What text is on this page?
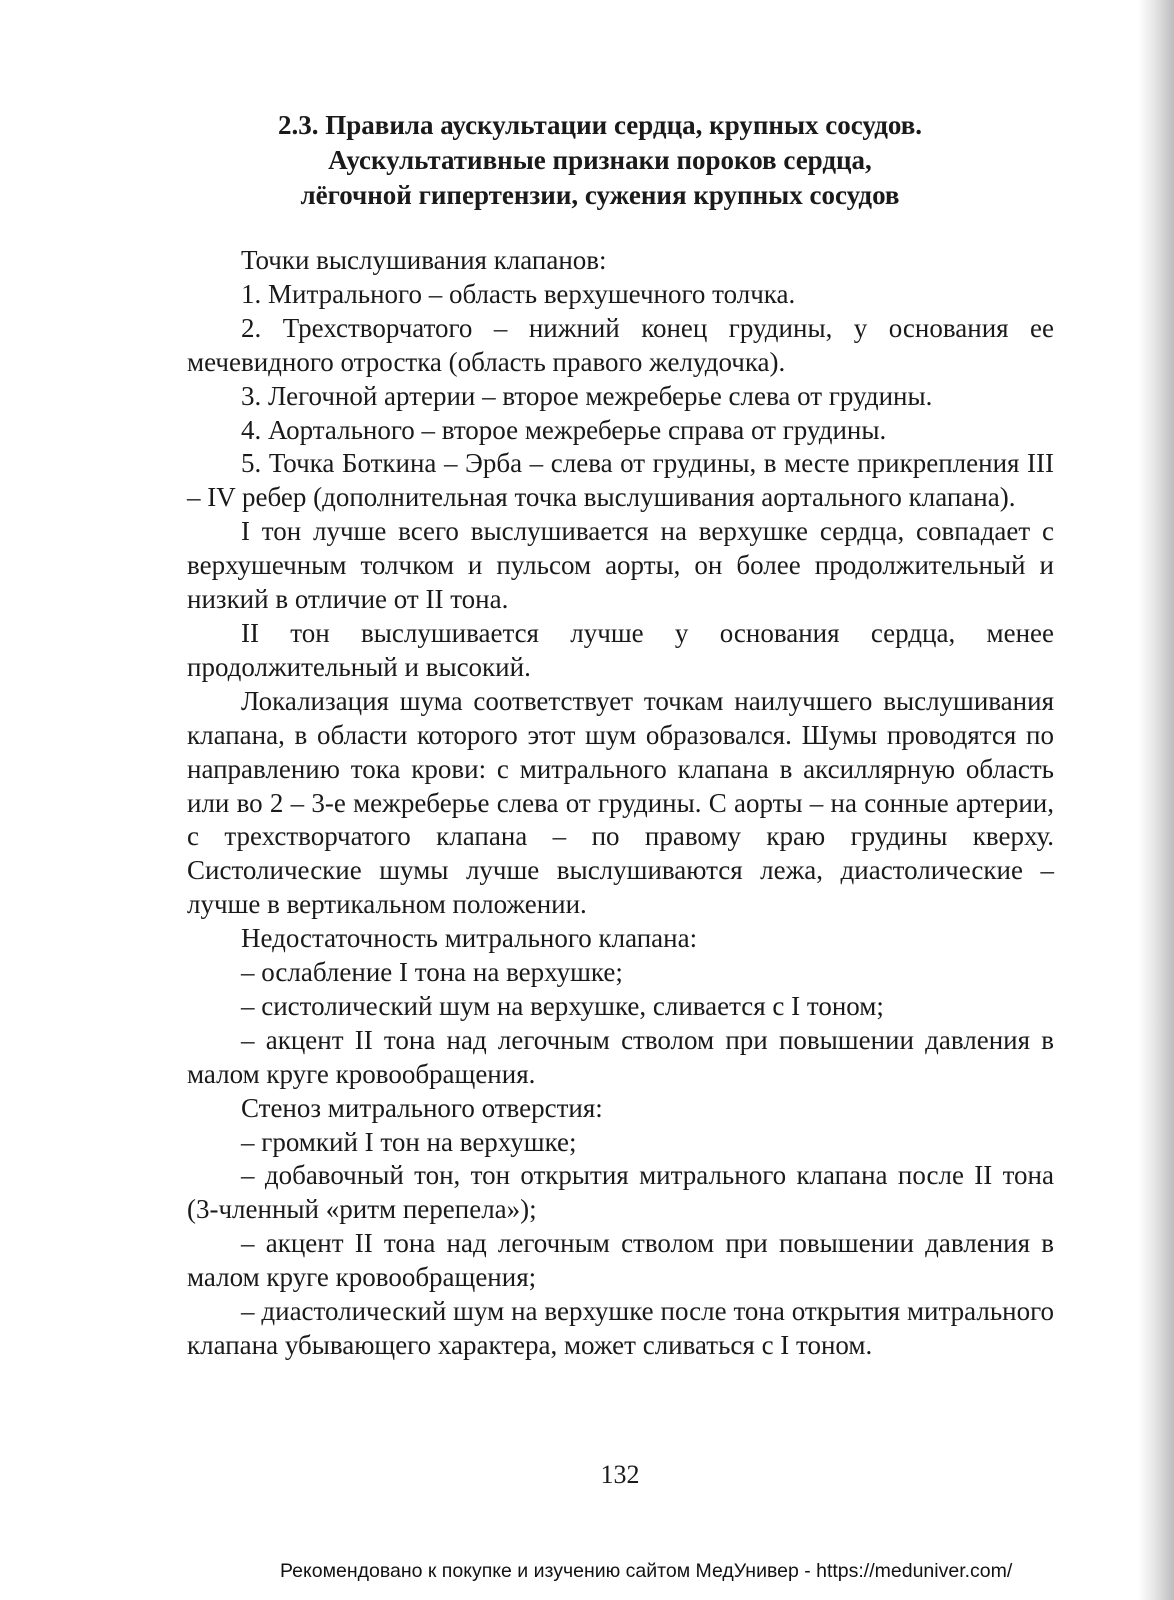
2.3. Правила аускультации сердца, крупных сосудов.
Аускультативные признаки пороков сердца,
лёгочной гипертензии, сужения крупных сосудов

Точки выслушивания клапанов:

1. Митрального – область верхушечного толчка.

2. Трехстворчатого – нижний конец грудины, у основания ее мечевидного отростка (область правого желудочка).

3. Легочной артерии – второе межреберье слева от грудины.

4. Аортального – второе межреберье справа от грудины.

5. Точка Боткина – Эрба – слева от грудины, в месте прикрепления III – IV ребер (дополнительная точка выслушивания аортального клапана).

I тон лучше всего выслушивается на верхушке сердца, совпадает с верхушечным толчком и пульсом аорты, он более продолжительный и низкий в отличие от II тона.

II тон выслушивается лучше у основания сердца, менее продолжительный и высокий.

Локализация шума соответствует точкам наилучшего выслушивания клапана, в области которого этот шум образовался. Шумы проводятся по направлению тока крови: с митрального клапана в аксиллярную область или во 2 – 3-е межреберье слева от грудины. С аорты – на сонные артерии, с трехстворчатого клапана – по правому краю грудины кверху. Систолические шумы лучше выслушиваются лежа, диастолические – лучше в вертикальном положении.

Недостаточность митрального клапана:

– ослабление I тона на верхушке;

– систолический шум на верхушке, сливается с I тоном;

– акцент II тона над легочным стволом при повышении давления в малом круге кровообращения.

Стеноз митрального отверстия:

– громкий I тон на верхушке;

– добавочный тон, тон открытия митрального клапана после II тона (3-членный «ритм перепела»);

– акцент II тона над легочным стволом при повышении давления в малом круге кровообращения;

– диастолический шум на верхушке после тона открытия митрального клапана убывающего характера, может сливаться с I тоном.

132
Рекомендовано к покупке и изучению сайтом МедУнивер - https://meduniver.com/
